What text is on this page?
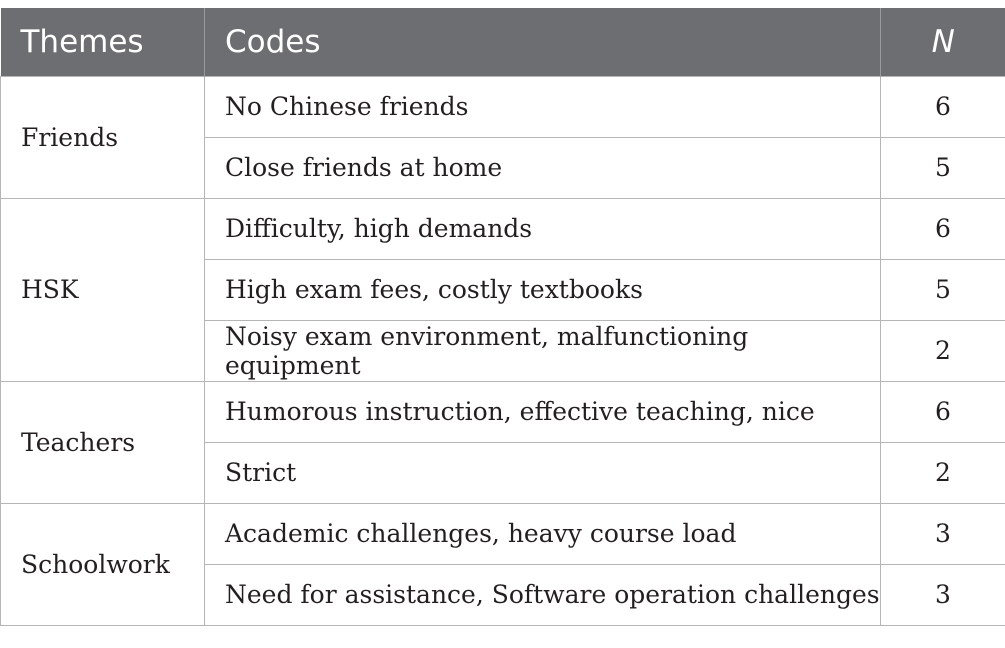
Themes	Codes	N
Friends	No Chinese friends	6
	Close friends at home	5
HSK	Difficulty, high demands	6
	High exam fees, costly textbooks	5
	Noisy exam environment, malfunctioning equipment	2
Teachers	Humorous instruction, effective teaching, nice	6
	Strict	2
Schoolwork	Academic challenges, heavy course load	3
	Need for assistance, Software operation challenges	3
